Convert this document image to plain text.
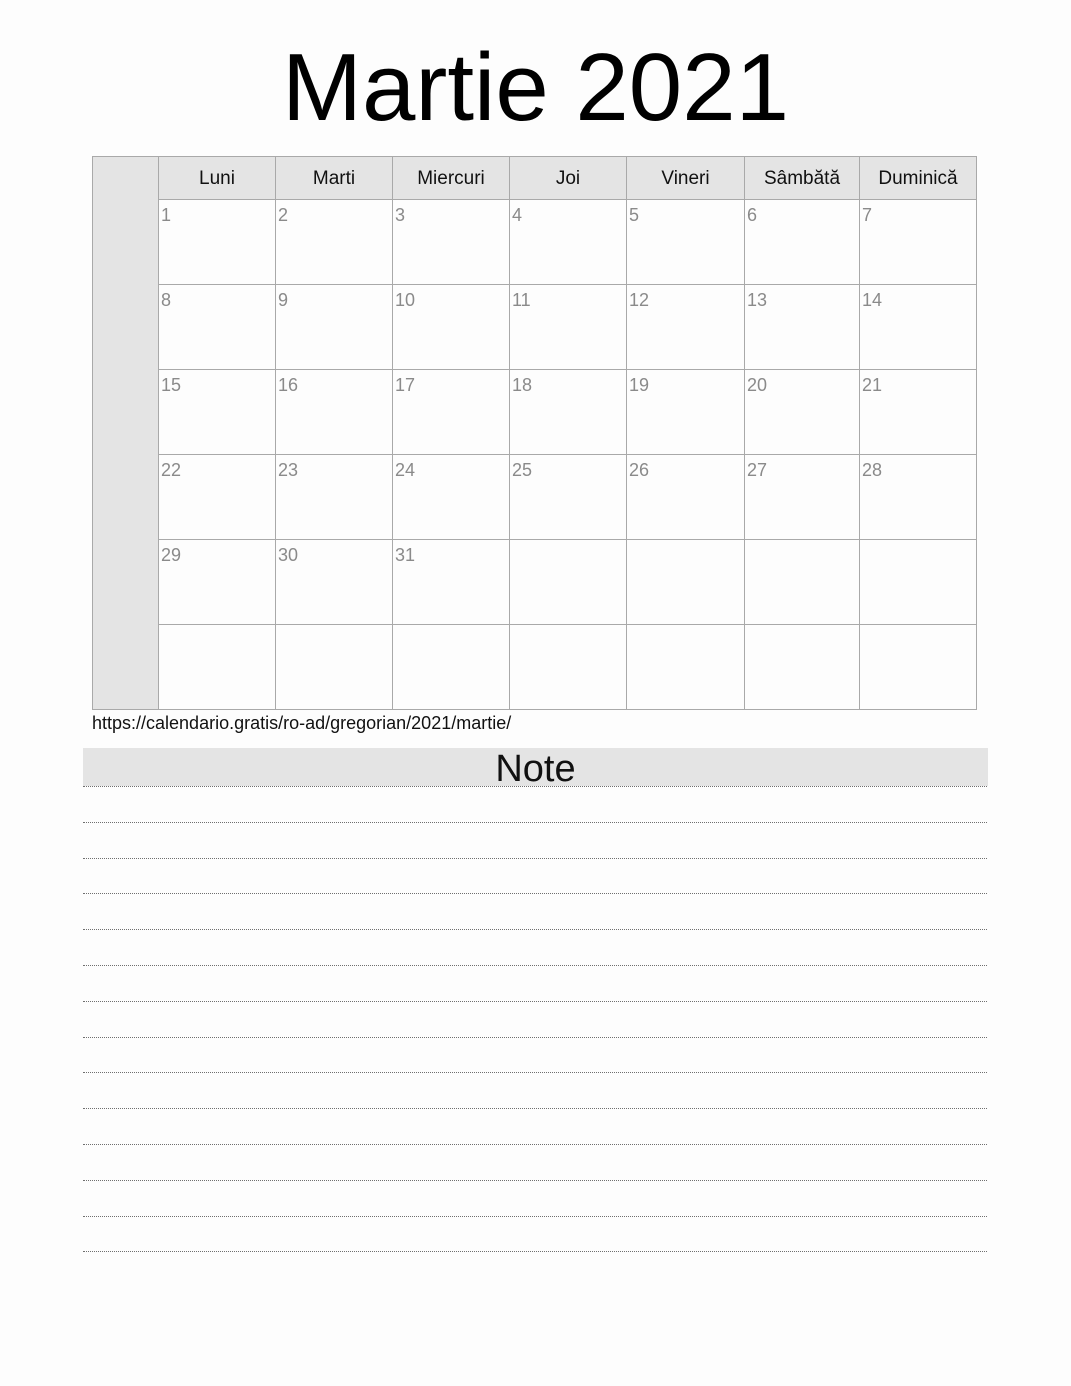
Martie 2021
Luni	Marti	Miercuri	Joi	Vineri	Sâmbătă	Duminică
1	2	3	4	5	6	7
8	9	10	11	12	13	14
15	16	17	18	19	20	21
22	23	24	25	26	27	28
29	30	31
https://calendario.gratis/ro-ad/gregorian/2021/martie/
Note
